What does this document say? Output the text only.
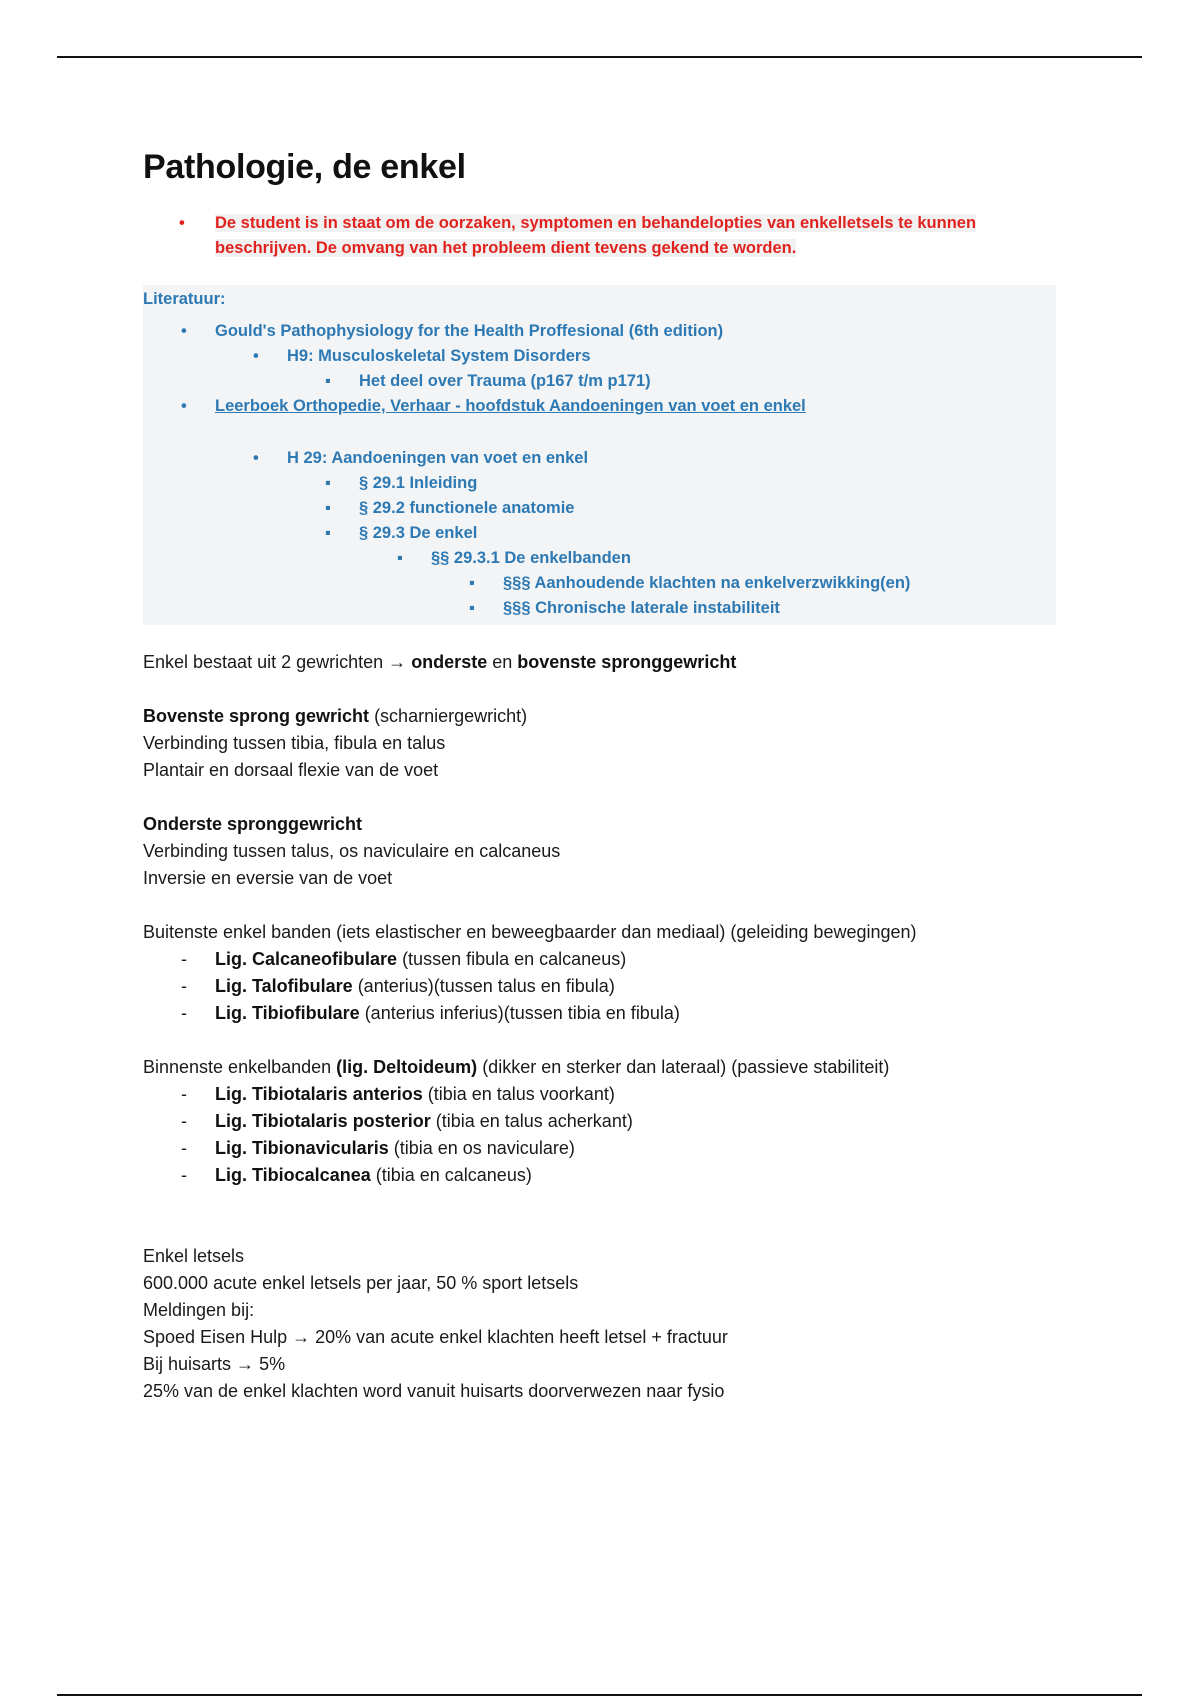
Pathologie, de enkel
• De student is in staat om de oorzaken, symptomen en behandelopties van enkelletsels te kunnen
beschrijven. De omvang van het probleem dient tevens gekend te worden.
Literatuur:
• Gould's Pathophysiology for the Health Proffesional (6th edition)
• H9: Musculoskeletal System Disorders
▪ Het deel over Trauma (p167 t/m p171)
• Leerboek Orthopedie, Verhaar - hoofdstuk Aandoeningen van voet en enkel
• H 29: Aandoeningen van voet en enkel
▪ § 29.1 Inleiding
▪ § 29.2 functionele anatomie
▪ § 29.3 De enkel
▪ §§ 29.3.1 De enkelbanden
▪ §§§ Aanhoudende klachten na enkelverzwikking(en)
▪ §§§ Chronische laterale instabiliteit

Enkel bestaat uit 2 gewrichten → onderste en bovenste spronggewricht

Bovenste sprong gewricht (scharniergewricht)

Verbinding tussen tibia, fibula en talus

Plantair en dorsaal flexie van de voet

Onderste spronggewricht

Verbinding tussen talus, os naviculaire en calcaneus

Inversie en eversie van de voet

Buitenste enkel banden (iets elastischer en beweegbaarder dan mediaal) (geleiding bewegingen)

- Lig. Calcaneofibulare (tussen fibula en calcaneus)

- Lig. Talofibulare (anterius)(tussen talus en fibula)

- Lig. Tibiofibulare (anterius inferius)(tussen tibia en fibula)

Binnenste enkelbanden (lig. Deltoideum) (dikker en sterker dan lateraal) (passieve stabiliteit)

- Lig. Tibiotalaris anterios (tibia en talus voorkant)

- Lig. Tibiotalaris posterior (tibia en talus acherkant)

- Lig. Tibionavicularis (tibia en os naviculare)

- Lig. Tibiocalcanea (tibia en calcaneus)

Enkel letsels

600.000 acute enkel letsels per jaar, 50 % sport letsels

Meldingen bij:

Spoed Eisen Hulp → 20% van acute enkel klachten heeft letsel + fractuur

Bij huisarts → 5%

25% van de enkel klachten word vanuit huisarts doorverwezen naar fysio
